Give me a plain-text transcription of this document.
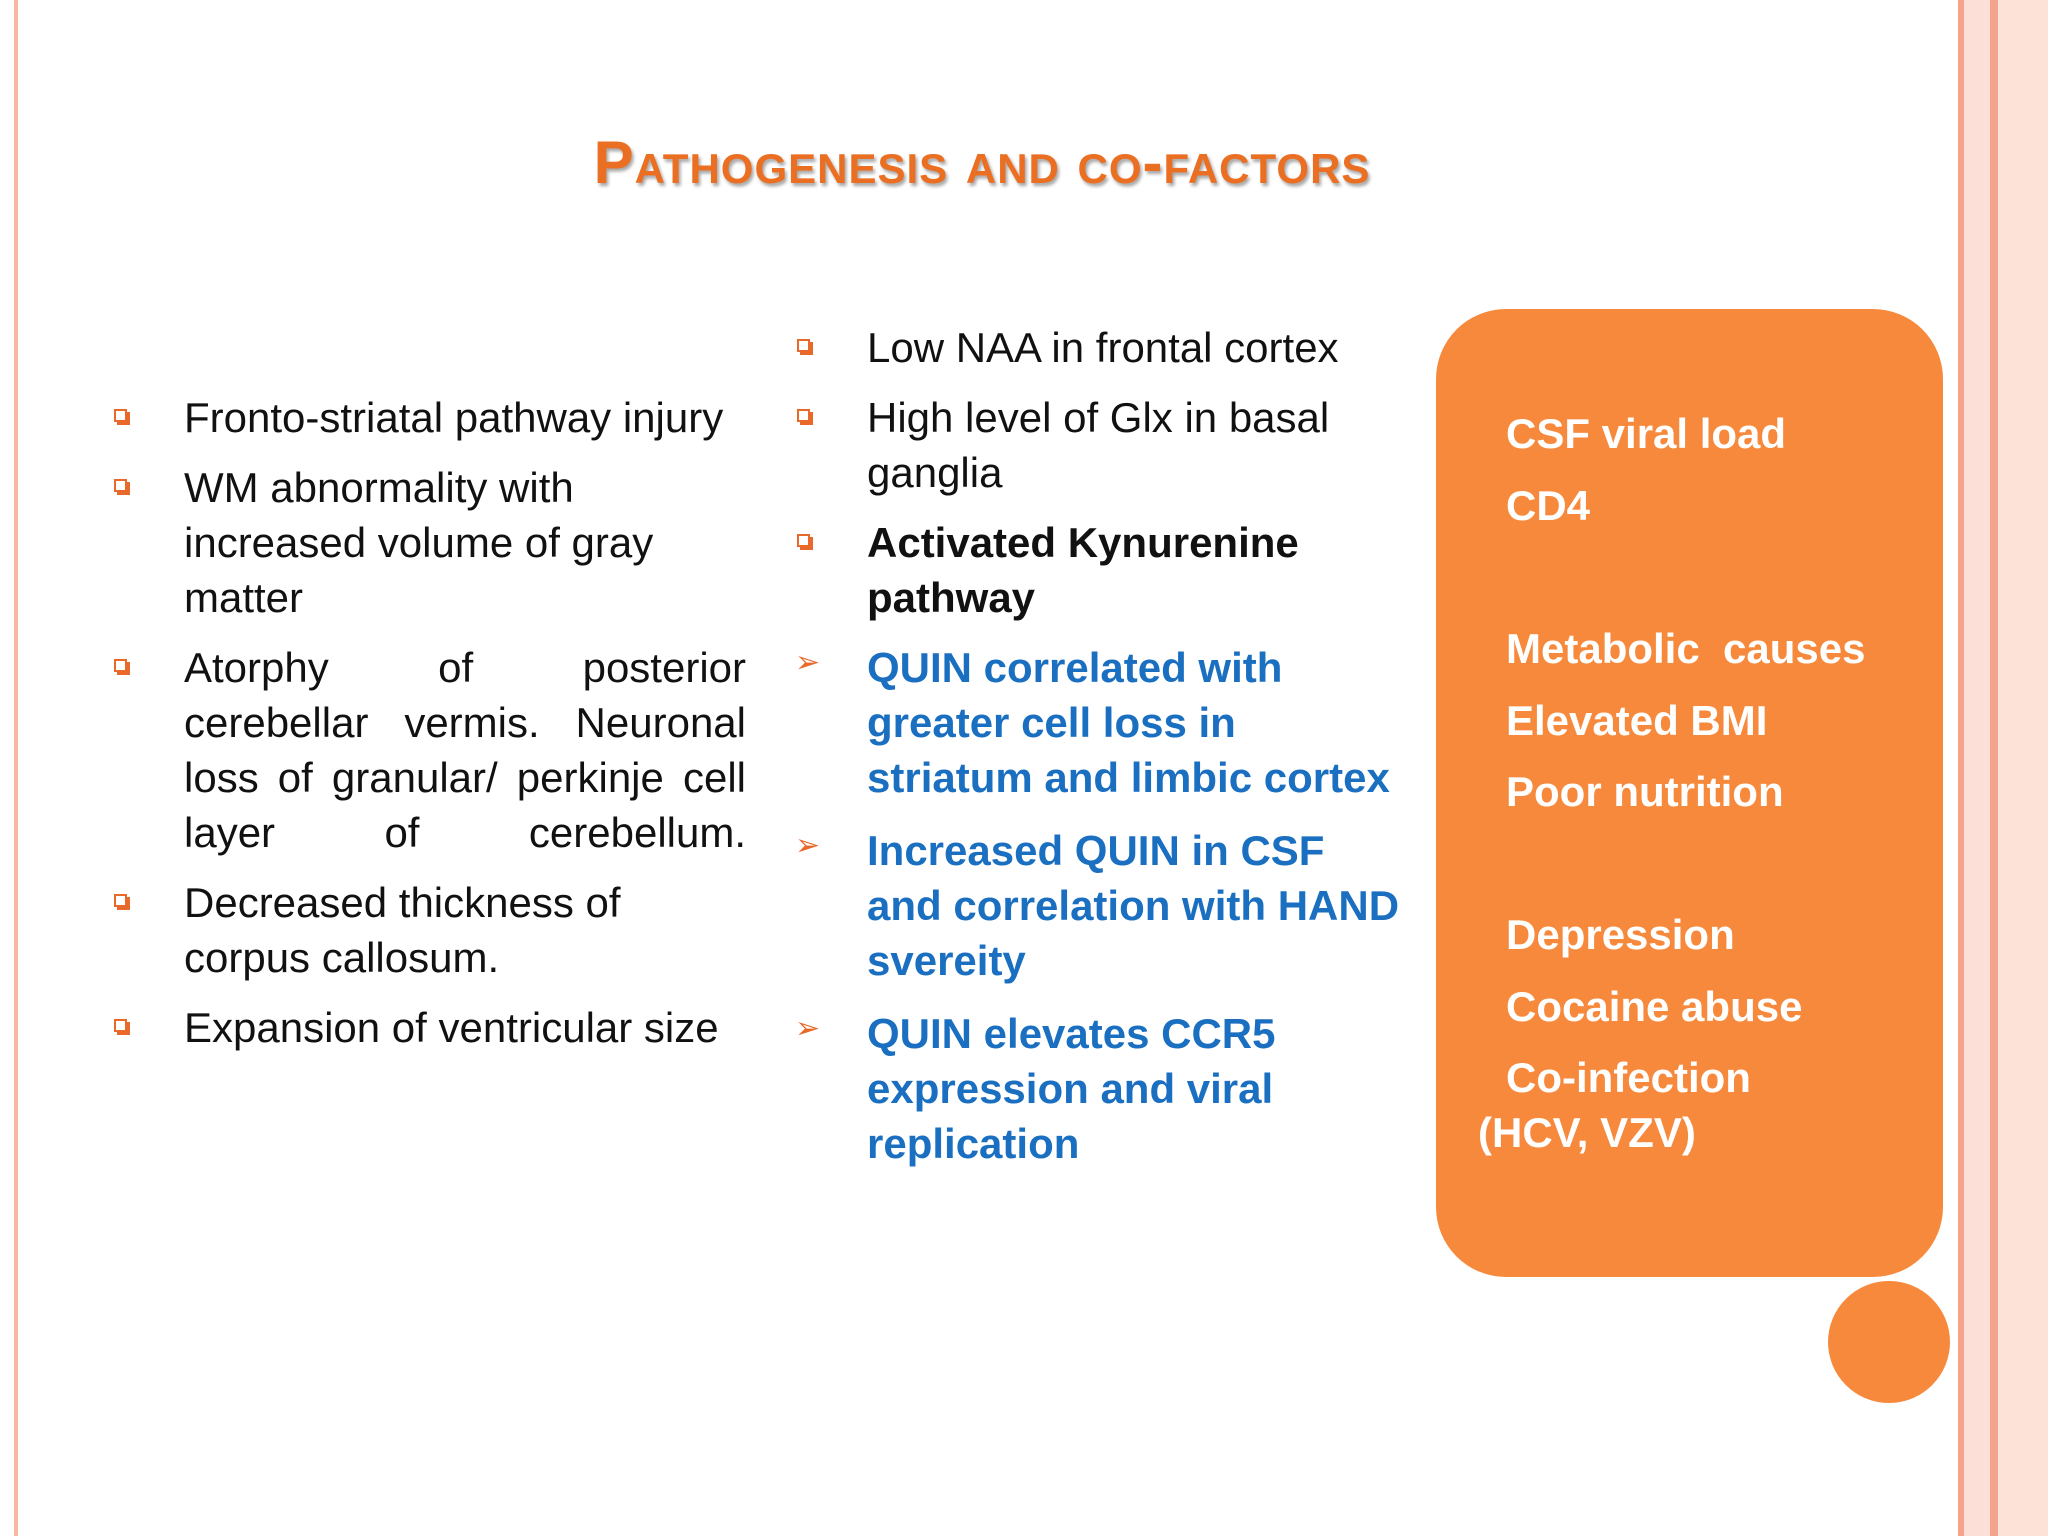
Pathogenesis and co-factors
Fronto-striatal pathway injury
WM abnormality with increased volume of gray matter
Atorphy of posterior cerebellar vermis. Neuronal loss of granular/ perkinje cell layer of cerebellum.
Decreased thickness of corpus callosum.
Expansion of ventricular size
Low NAA in frontal cortex
High level of Glx in basal ganglia
Activated Kynurenine pathway
➢ QUIN correlated with greater cell loss in striatum and limbic cortex
➢ Increased QUIN in CSF and correlation with HAND svereity
➢ QUIN elevates CCR5 expression and viral replication
CSF viral load
CD4
Metabolic  causes
Elevated BMI
Poor nutrition
Depression
Cocaine abuse
Co-infection
(HCV, VZV)
